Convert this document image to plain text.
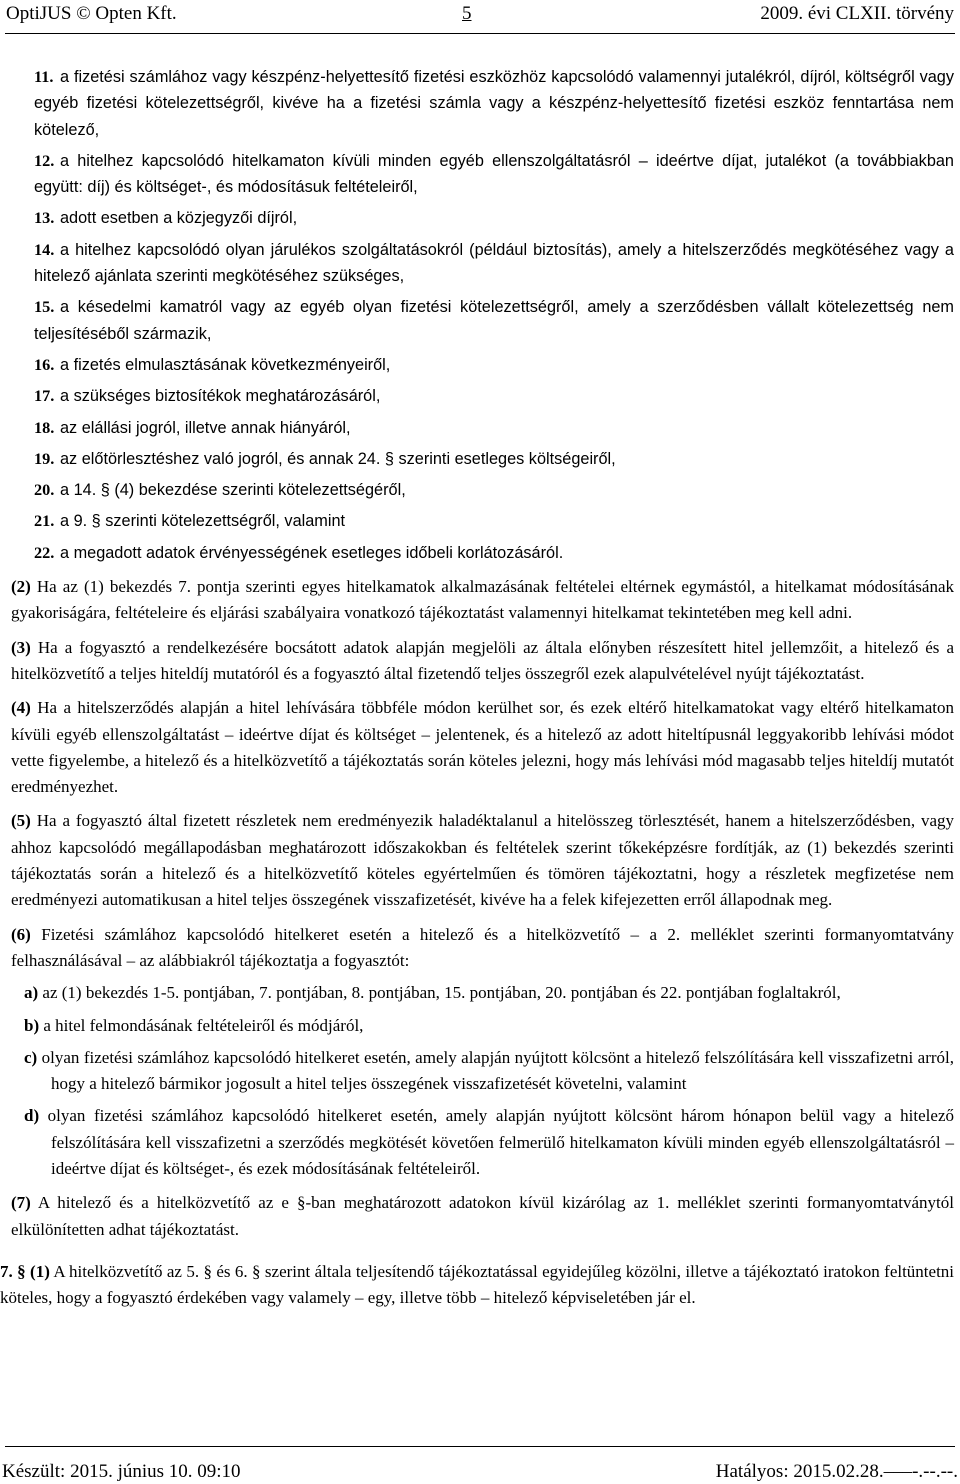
OptiJUS © Opten Kft.	5	2009. évi CLXII. törvény
11. a fizetési számlához vagy készpénz-helyettesítő fizetési eszközhöz kapcsolódó valamennyi jutalékról, díjról, költségről vagy egyéb fizetési kötelezettségről, kivéve ha a fizetési számla vagy a készpénz-helyettesítő fizetési eszköz fenntartása nem kötelező,
12. a hitelhez kapcsolódó hitelkamaton kívüli minden egyéb ellenszolgáltatásról – ideértve díjat, jutalékot (a továbbiakban együtt: díj) és költséget-, és módosításuk feltételeiről,
13. adott esetben a közjegyzői díjról,
14. a hitelhez kapcsolódó olyan járulékos szolgáltatásokról (például biztosítás), amely a hitelszerződés megkötéséhez vagy a hitelező ajánlata szerinti megkötéséhez szükséges,
15. a késedelmi kamatról vagy az egyéb olyan fizetési kötelezettségről, amely a szerződésben vállalt kötelezettség nem teljesítéséből származik,
16. a fizetés elmulasztásának következményeiről,
17. a szükséges biztosítékok meghatározásáról,
18. az elállási jogról, illetve annak hiányáról,
19. az előtörlesztéshez való jogról, és annak 24. § szerinti esetleges költségeiről,
20. a 14. § (4) bekezdése szerinti kötelezettségéről,
21. a 9. § szerinti kötelezettségről, valamint
22. a megadott adatok érvényességének esetleges időbeli korlátozásáról.
(2) Ha az (1) bekezdés 7. pontja szerinti egyes hitelkamatok alkalmazásának feltételei eltérnek egymástól, a hitelkamat módosításának gyakoriságára, feltételeire és eljárási szabályaira vonatkozó tájékoztatást valamennyi hitelkamat tekintetében meg kell adni.
(3) Ha a fogyasztó a rendelkezésére bocsátott adatok alapján megjelöli az általa előnyben részesített hitel jellemzőit, a hitelező és a hitelközvetítő a teljes hiteldíj mutatóról és a fogyasztó által fizetendő teljes összegről ezek alapulvételével nyújt tájékoztatást.
(4) Ha a hitelszerződés alapján a hitel lehívására többféle módon kerülhet sor, és ezek eltérő hitelkamatokat vagy eltérő hitelkamaton kívüli egyéb ellenszolgáltatást – ideértve díjat és költséget – jelentenek, és a hitelező az adott hiteltípusnál leggyakoribb lehívási módot vette figyelembe, a hitelező és a hitelközvetítő a tájékoztatás során köteles jelezni, hogy más lehívási mód magasabb teljes hiteldíj mutatót eredményezhet.
(5) Ha a fogyasztó által fizetett részletek nem eredményezik haladéktalanul a hitelösszeg törlesztését, hanem a hitelszerződésben, vagy ahhoz kapcsolódó megállapodásban meghatározott időszakokban és feltételek szerint tőkeképzésre fordítják, az (1) bekezdés szerinti tájékoztatás során a hitelező és a hitelközvetítő köteles egyértelműen és tömören tájékoztatni, hogy a részletek megfizetése nem eredményezi automatikusan a hitel teljes összegének visszafizetését, kivéve ha a felek kifejezetten erről állapodnak meg.
(6) Fizetési számlához kapcsolódó hitelkeret esetén a hitelező és a hitelközvetítő – a 2. melléklet szerinti formanyomtatvány felhasználásával – az alábbiakról tájékoztatja a fogyasztót:
a) az (1) bekezdés 1-5. pontjában, 7. pontjában, 8. pontjában, 15. pontjában, 20. pontjában és 22. pontjában foglaltakról,
b) a hitel felmondásának feltételeiről és módjáról,
c) olyan fizetési számlához kapcsolódó hitelkeret esetén, amely alapján nyújtott kölcsönt a hitelező felszólítására kell visszafizetni arról, hogy a hitelező bármikor jogosult a hitel teljes összegének visszafizetését követelni, valamint
d) olyan fizetési számlához kapcsolódó hitelkeret esetén, amely alapján nyújtott kölcsönt három hónapon belül vagy a hitelező felszólítására kell visszafizetni a szerződés megkötését követően felmerülő hitelkamaton kívüli minden egyéb ellenszolgáltatásról – ideértve díjat és költséget-, és ezek módosításának feltételeiről.
(7) A hitelező és a hitelközvetítő az e §-ban meghatározott adatokon kívül kizárólag az 1. melléklet szerinti formanyomtatványtól elkülönítetten adhat tájékoztatást.
7. § (1) A hitelközvetítő az 5. § és 6. § szerint általa teljesítendő tájékoztatással egyidejűleg közölni, illetve a tájékoztató iratokon feltüntetni köteles, hogy a fogyasztó érdekében vagy valamely – egy, illetve több – hitelező képviseletében jár el.
Készült: 2015. június 10. 09:10	Hatályos: 2015.02.28.–––-.--.--.
